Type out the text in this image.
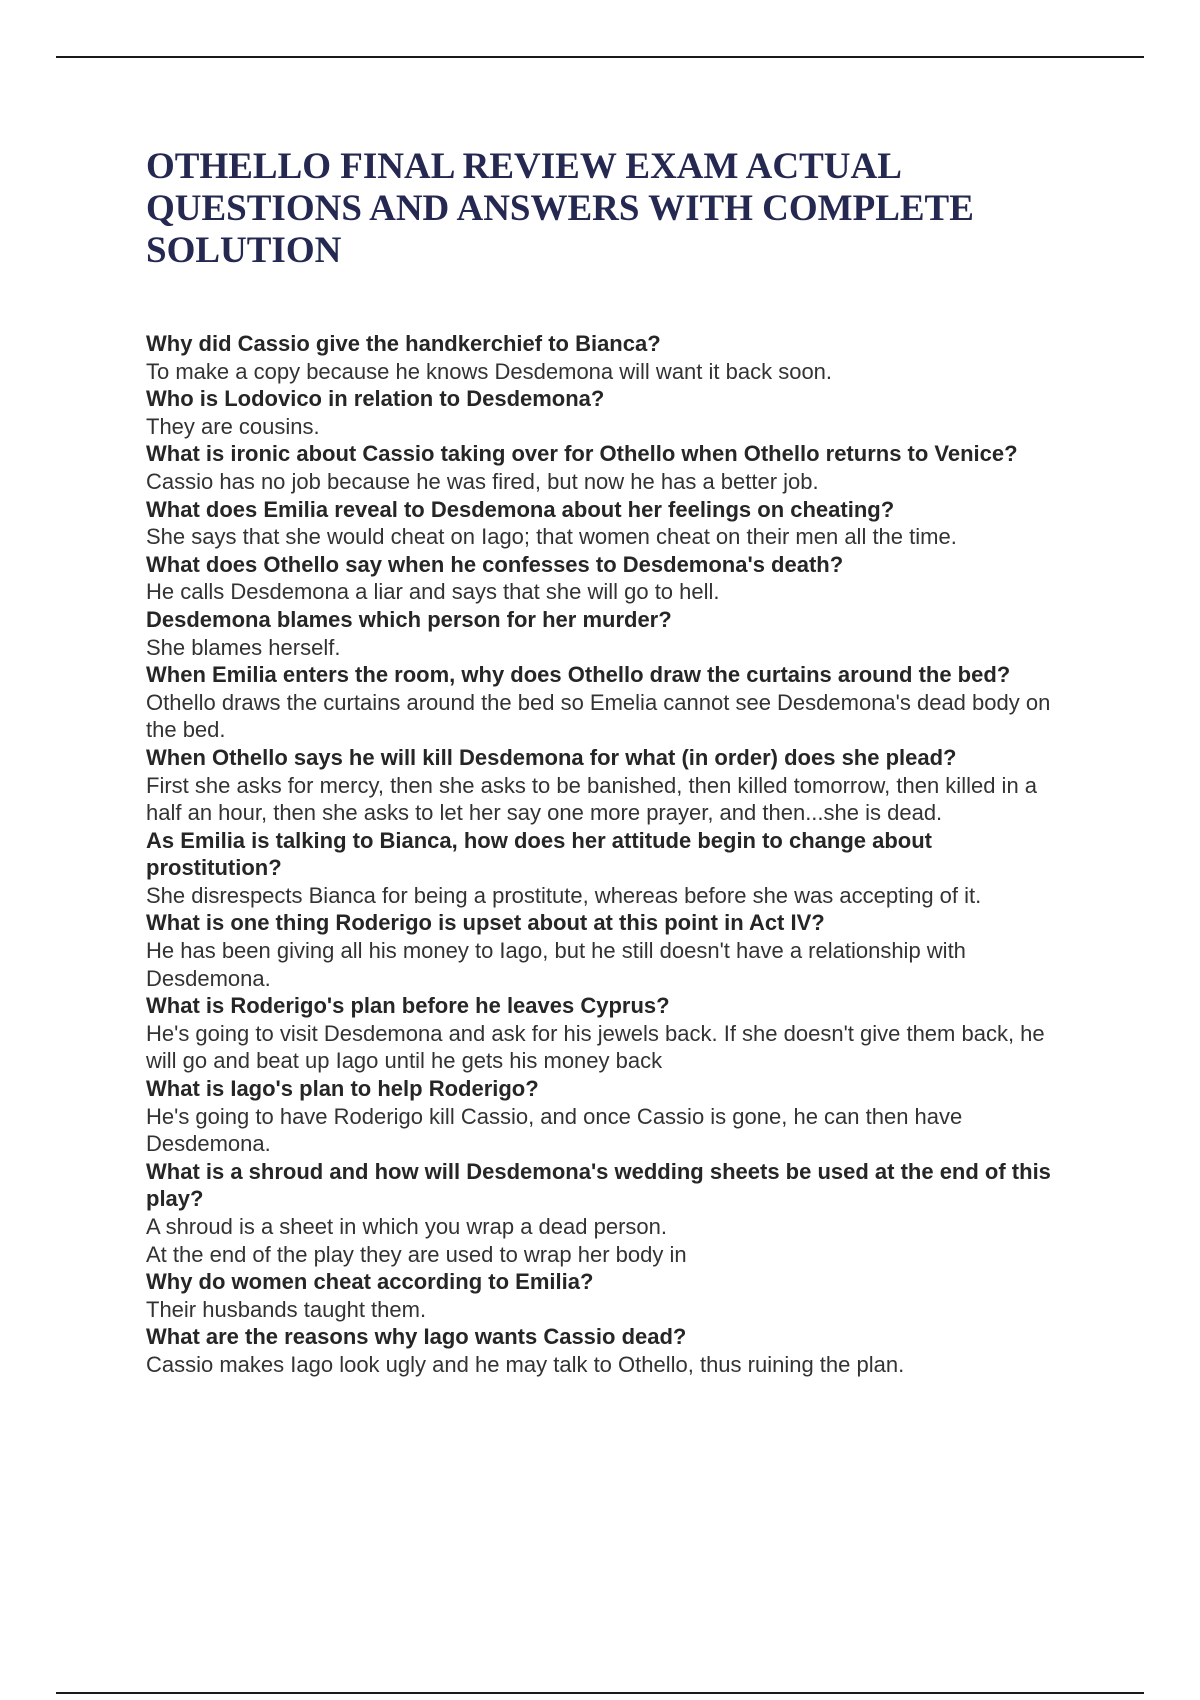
OTHELLO FINAL REVIEW EXAM ACTUAL QUESTIONS AND ANSWERS WITH COMPLETE SOLUTION

Why did Cassio give the handkerchief to Bianca?

To make a copy because he knows Desdemona will want it back soon.

Who is Lodovico in relation to Desdemona?

They are cousins.

What is ironic about Cassio taking over for Othello when Othello returns to Venice?

Cassio has no job because he was fired, but now he has a better job.

What does Emilia reveal to Desdemona about her feelings on cheating?

She says that she would cheat on Iago; that women cheat on their men all the time.

What does Othello say when he confesses to Desdemona's death?

He calls Desdemona a liar and says that she will go to hell.

Desdemona blames which person for her murder?

She blames herself.

When Emilia enters the room, why does Othello draw the curtains around the bed?

Othello draws the curtains around the bed so Emelia cannot see Desdemona's dead body on the bed.

When Othello says he will kill Desdemona for what (in order) does she plead?

First she asks for mercy, then she asks to be banished, then killed tomorrow, then killed in a half an hour, then she asks to let her say one more prayer, and then...she is dead.

As Emilia is talking to Bianca, how does her attitude begin to change about prostitution?

She disrespects Bianca for being a prostitute, whereas before she was accepting of it.

What is one thing Roderigo is upset about at this point in Act IV?

He has been giving all his money to Iago, but he still doesn't have a relationship with Desdemona.

What is Roderigo's plan before he leaves Cyprus?

He's going to visit Desdemona and ask for his jewels back. If she doesn't give them back, he will go and beat up Iago until he gets his money back

What is Iago's plan to help Roderigo?

He's going to have Roderigo kill Cassio, and once Cassio is gone, he can then have Desdemona.

What is a shroud and how will Desdemona's wedding sheets be used at the end of this play?

A shroud is a sheet in which you wrap a dead person.
At the end of the play they are used to wrap her body in

Why do women cheat according to Emilia?

Their husbands taught them.

What are the reasons why Iago wants Cassio dead?

Cassio makes Iago look ugly and he may talk to Othello, thus ruining the plan.
